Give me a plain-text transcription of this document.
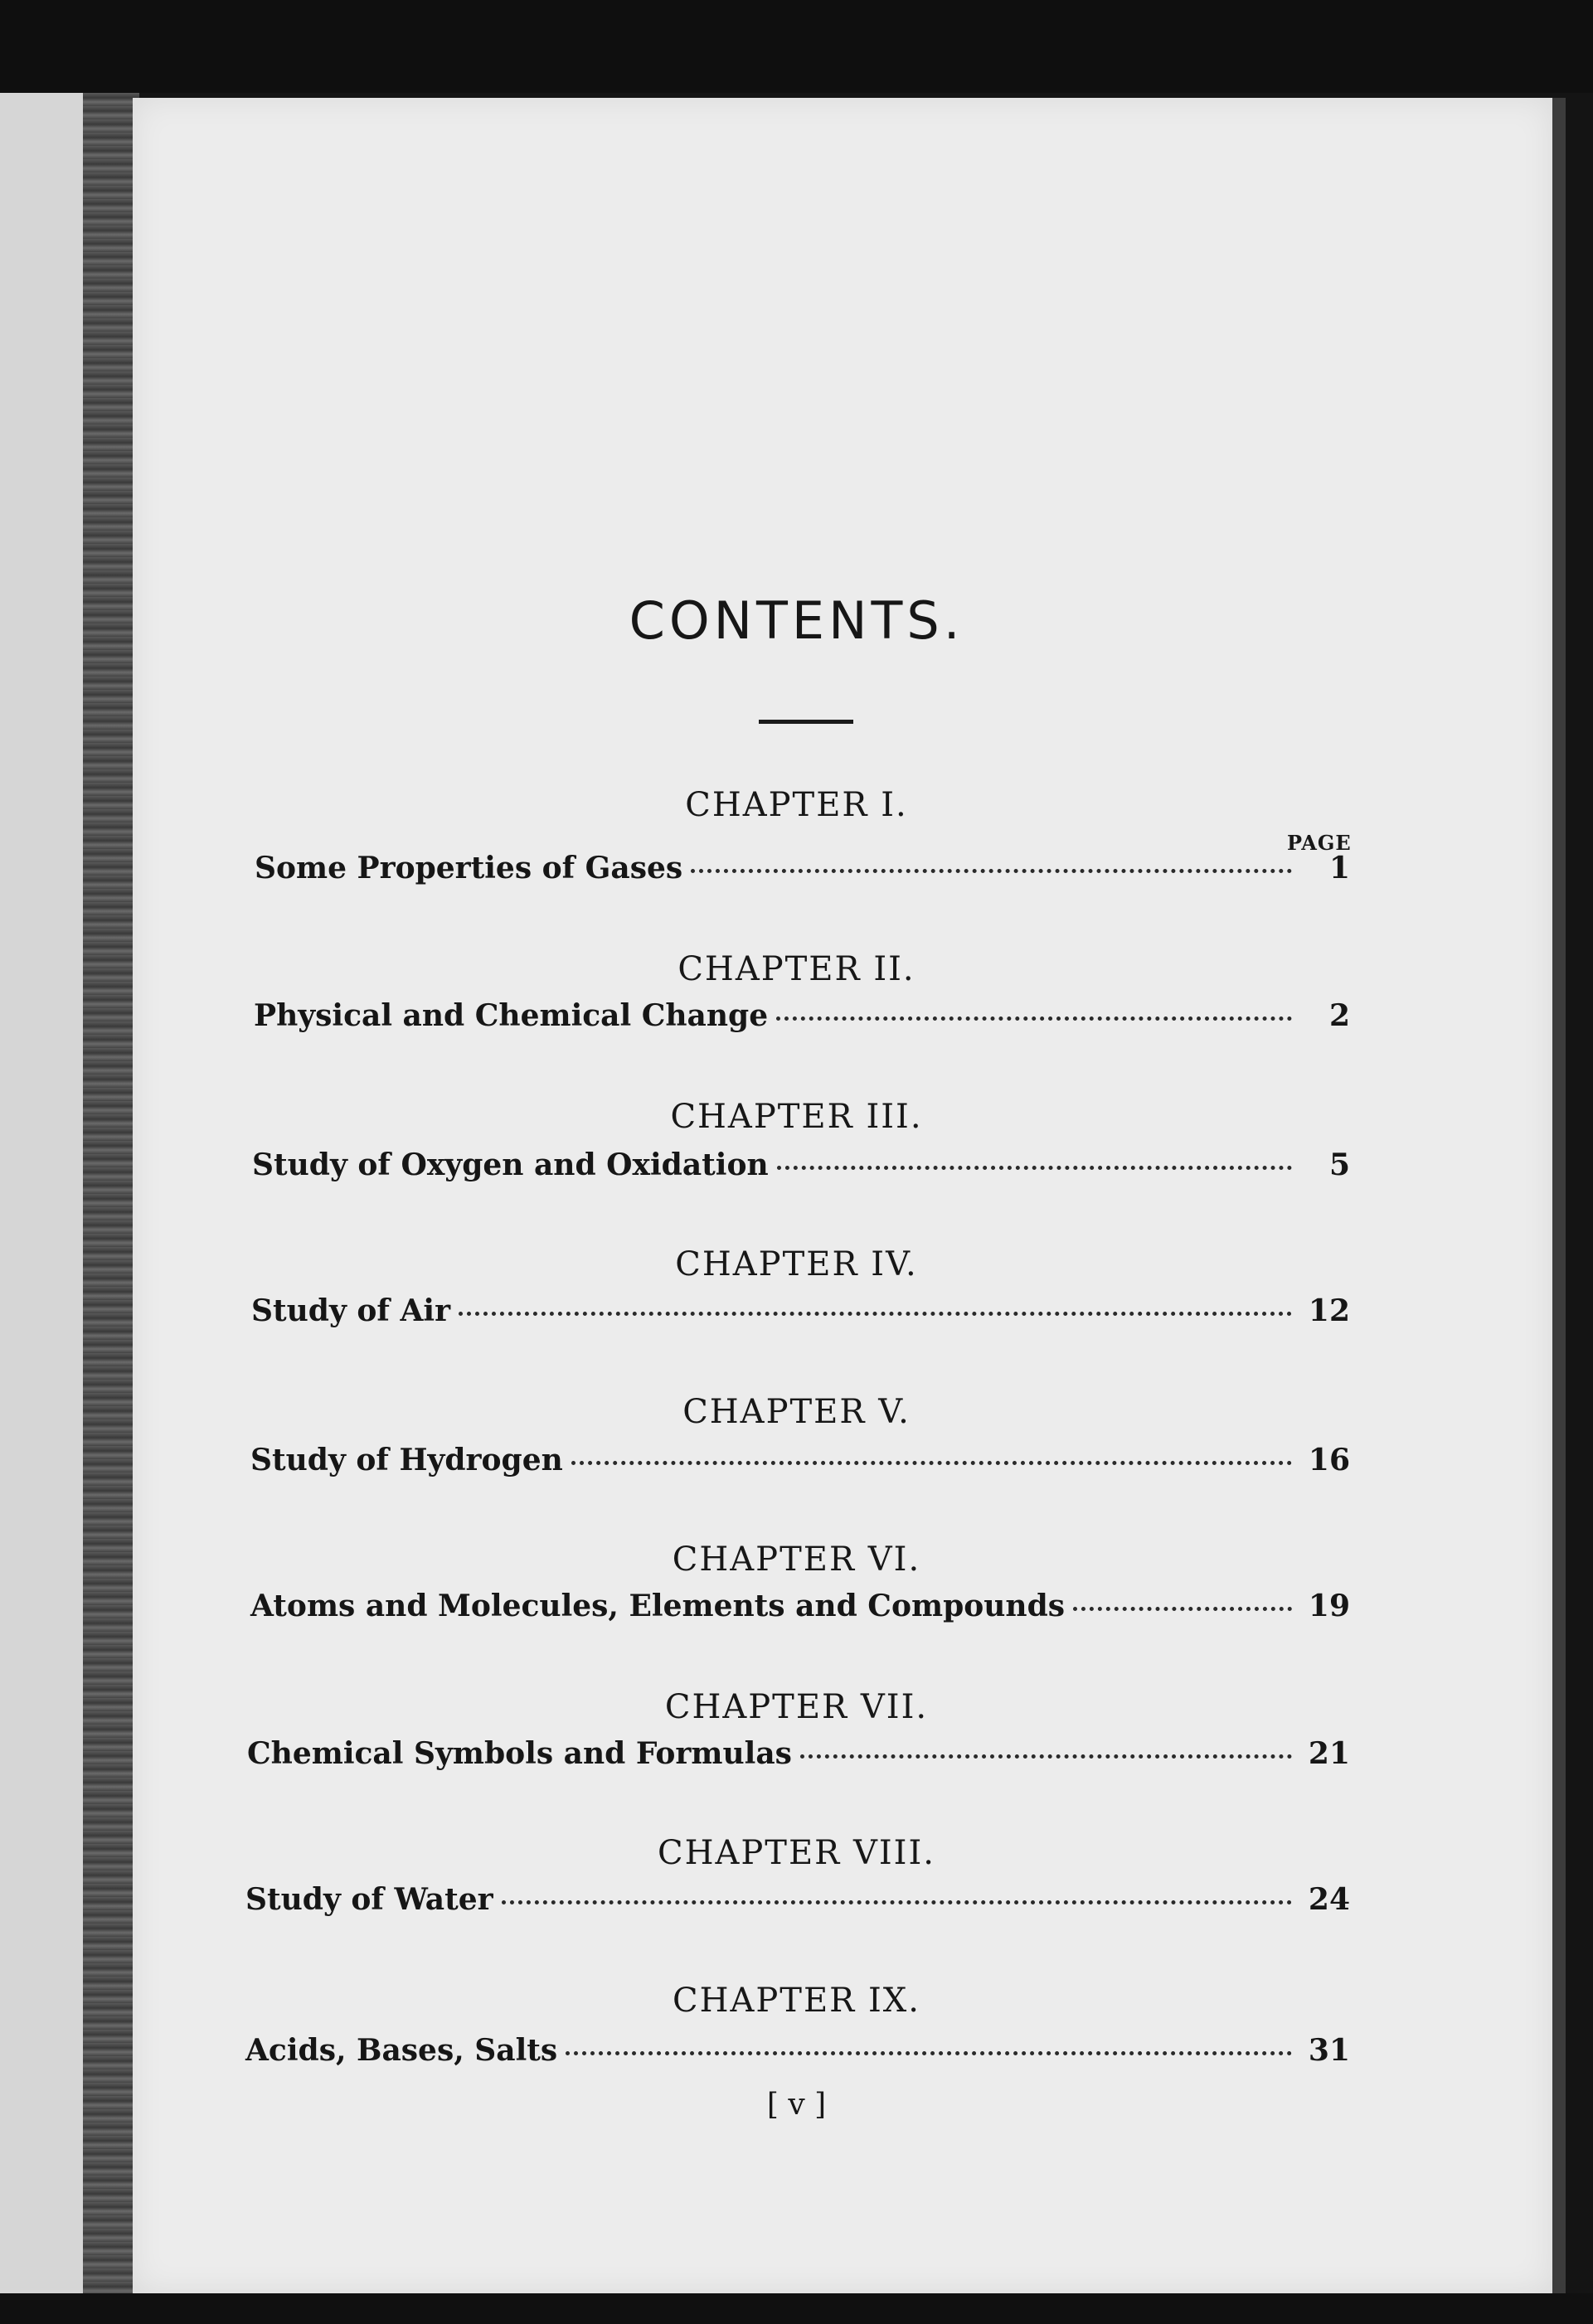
CONTENTS.
PAGE
CHAPTER I.
Some Properties of Gases	1
CHAPTER II.
Physical and Chemical Change	2
CHAPTER III.
Study of Oxygen and Oxidation	5
CHAPTER IV.
Study of Air	12
CHAPTER V.
Study of Hydrogen	16
CHAPTER VI.
Atoms and Molecules, Elements and Compounds	19
CHAPTER VII.
Chemical Symbols and Formulas	21
CHAPTER VIII.
Study of Water	24
CHAPTER IX.
Acids, Bases, Salts	31
[ v ]
